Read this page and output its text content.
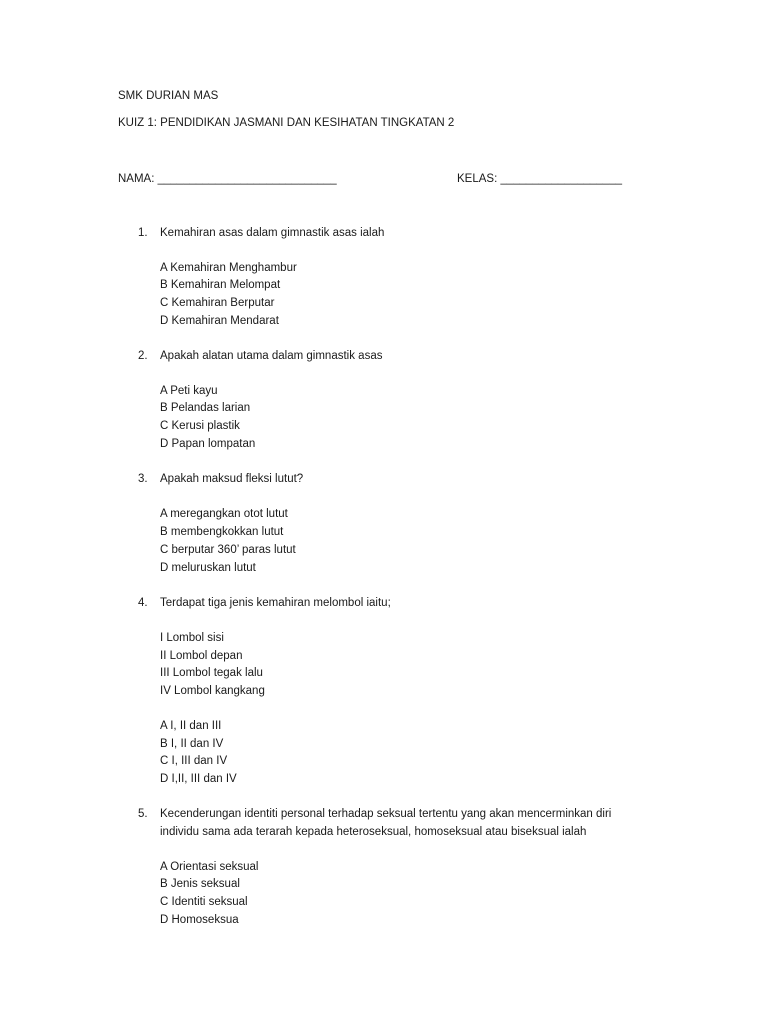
SMK DURIAN MAS
KUIZ 1: PENDIDIKAN JASMANI DAN KESIHATAN TINGKATAN 2
NAMA: ____________________________	KELAS: ___________________
1. Kemahiran asas dalam gimnastik asas ialah
A Kemahiran Menghambur
B Kemahiran Melompat
C Kemahiran Berputar
D Kemahiran Mendarat
2. Apakah alatan utama dalam gimnastik asas
A Peti kayu
B Pelandas larian
C Kerusi plastik
D Papan lompatan
3. Apakah maksud fleksi lutut?
A meregangkan otot lutut
B membengkokkan lutut
C berputar 360’ paras lutut
D meluruskan lutut
4. Terdapat tiga jenis kemahiran melombol iaitu;
I Lombol sisi
II Lombol depan
III Lombol tegak lalu
IV Lombol kangkang
A I, II dan III
B I, II dan IV
C I, III dan IV
D I,II, III dan IV
5. Kecenderungan identiti personal terhadap seksual tertentu yang akan mencerminkan diri
individu sama ada terarah kepada heteroseksual, homoseksual atau biseksual ialah
A Orientasi seksual
B Jenis seksual
C Identiti seksual
D Homoseksua
